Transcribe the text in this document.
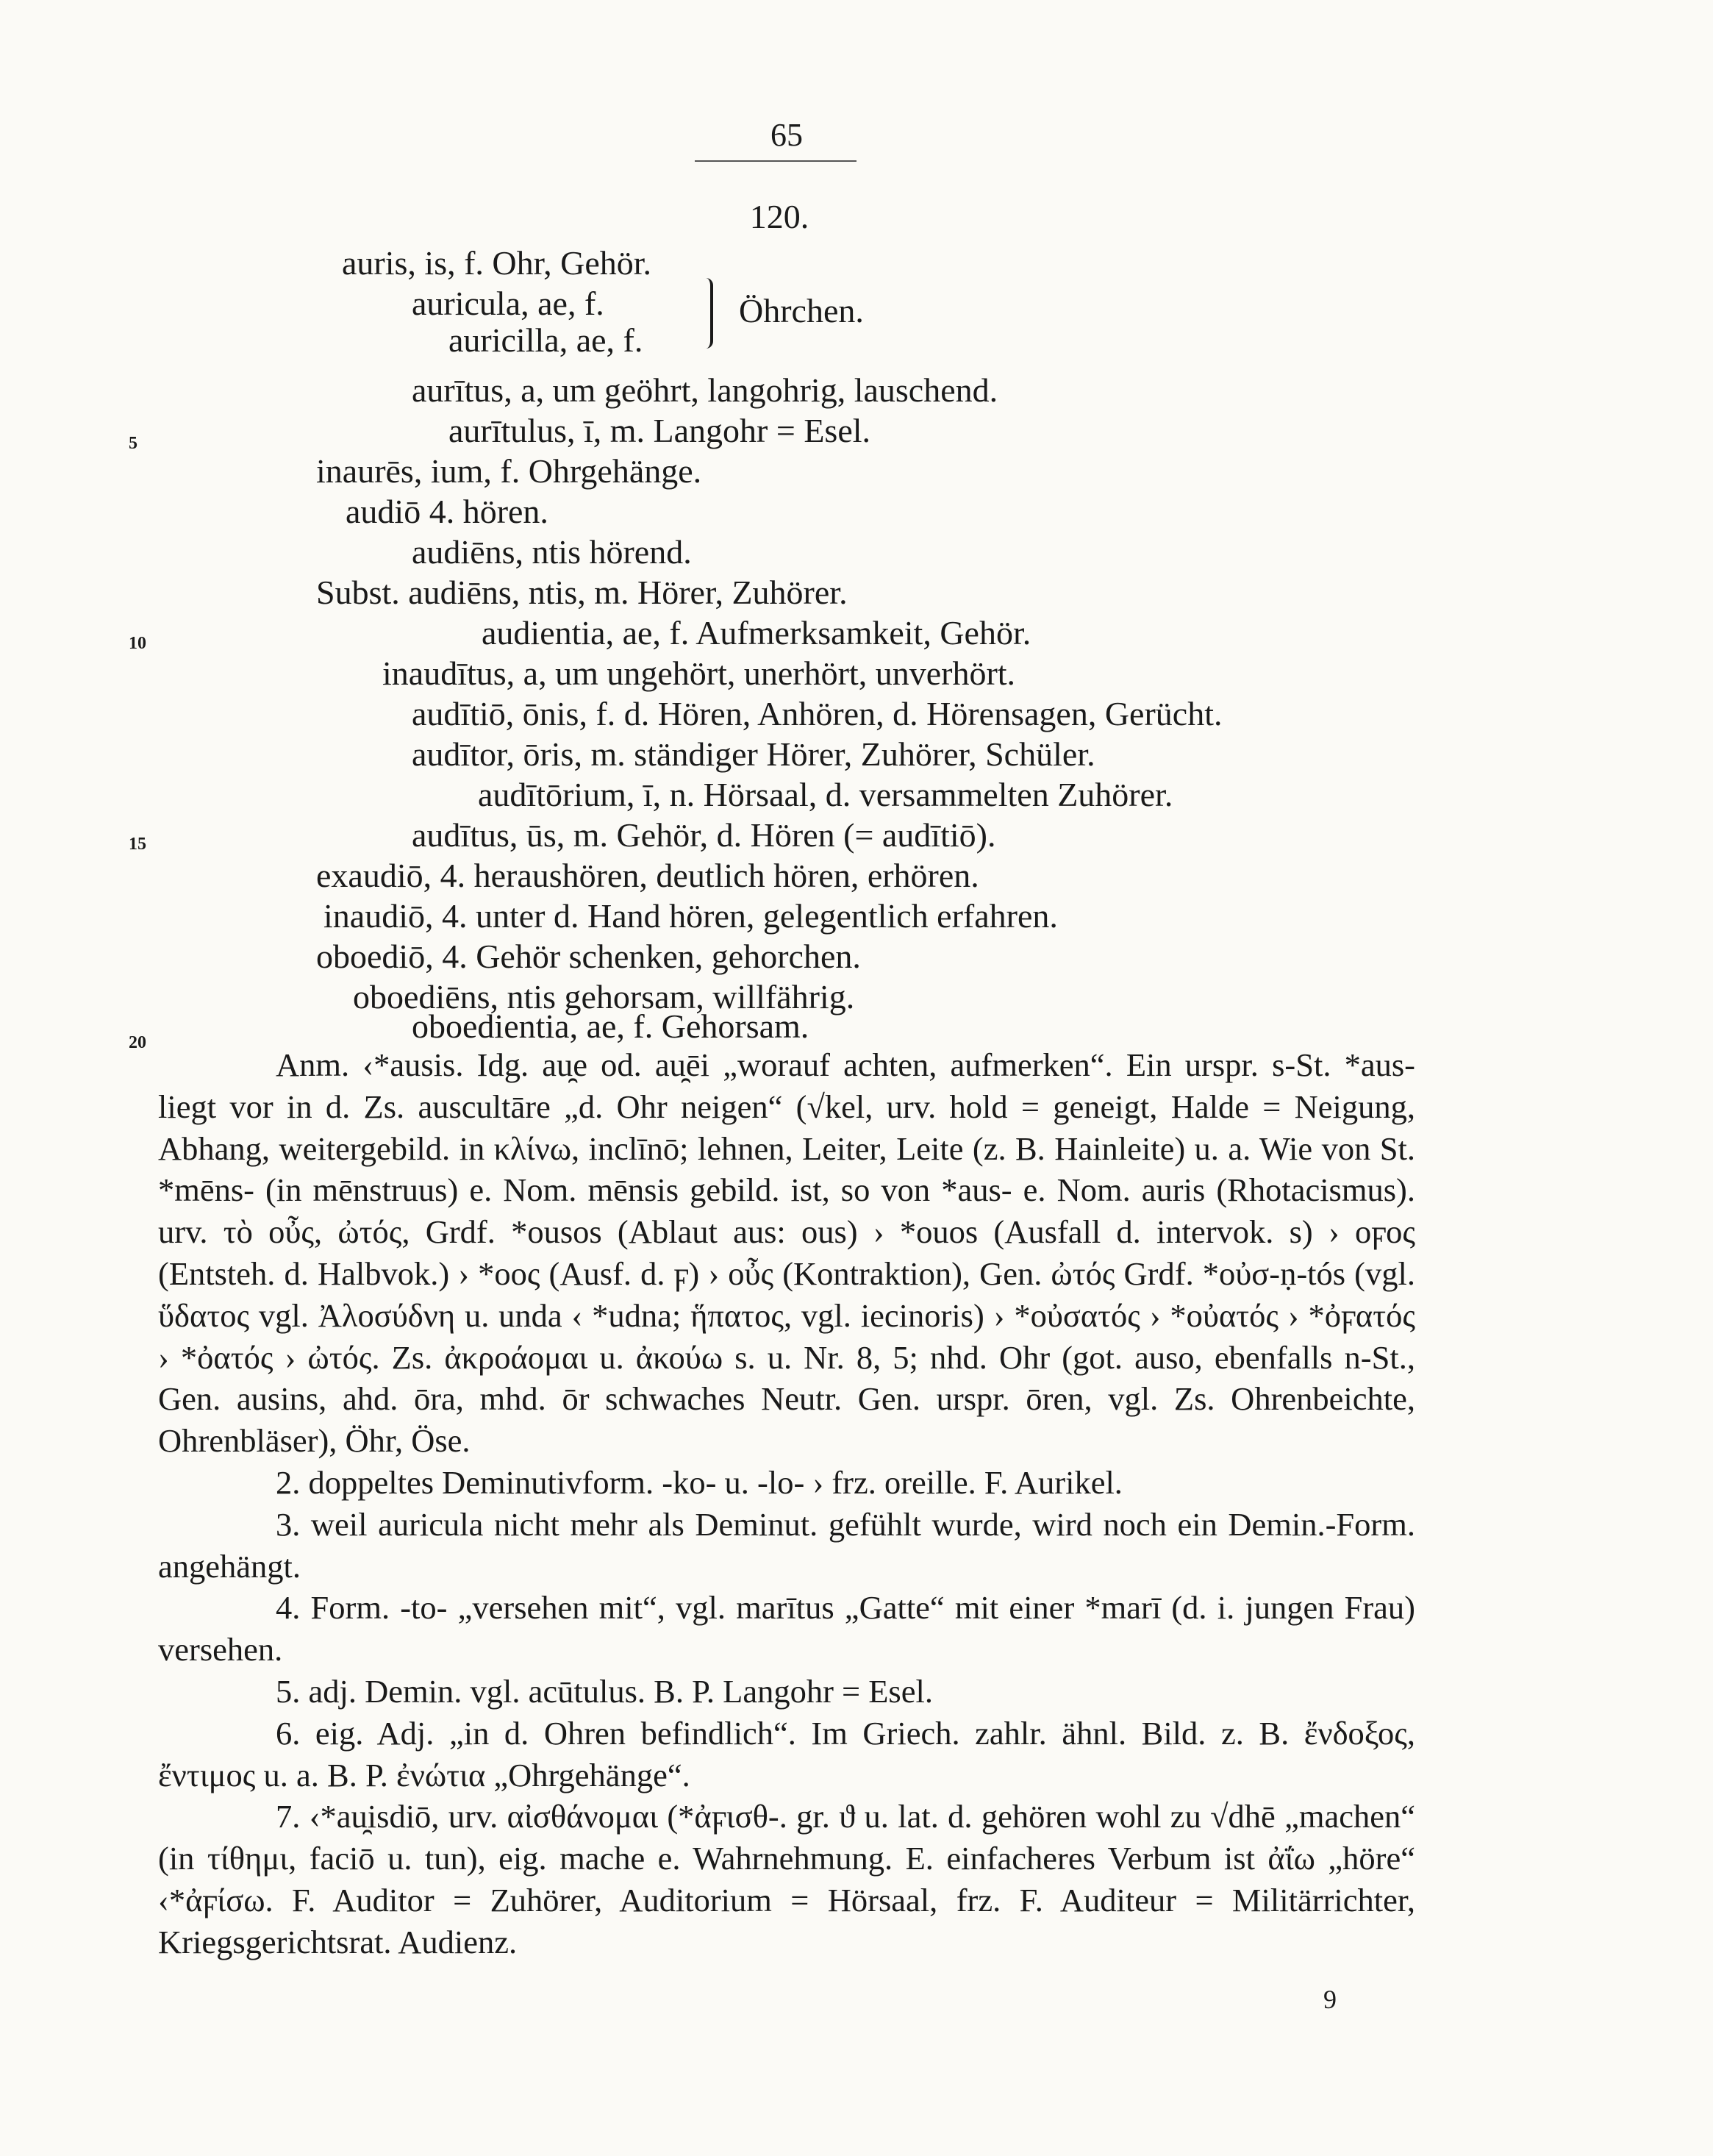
65
120.
auris, is, f. Ohr, Gehör.
auricula, ae, f.
auricilla, ae, f.
Öhrchen.
aurītus, a, um geöhrt, langohrig, lauschend.
aurītulus, ī, m. Langohr = Esel.
inaurēs, ium, f. Ohrgehänge.
audiō 4. hören.
audiēns, ntis hörend.
Subst. audiēns, ntis, m. Hörer, Zuhörer.
audientia, ae, f. Aufmerksamkeit, Gehör.
inaudītus, a, um ungehört, unerhört, unverhört.
audītiō, ōnis, f. d. Hören, Anhören, d. Hörensagen, Gerücht.
audītor, ōris, m. ständiger Hörer, Zuhörer, Schüler.
audītōrium, ī, n. Hörsaal, d. versammelten Zuhörer.
audītus, ūs, m. Gehör, d. Hören (= audītiō).
exaudiō, 4. heraushören, deutlich hören, erhören.
inaudiō, 4. unter d. Hand hören, gelegentlich erfahren.
oboediō, 4. Gehör schenken, gehorchen.
oboediēns, ntis gehorsam, willfährig.
oboedientia, ae, f. Gehorsam.
5
10
15
20

Anm. ‹*ausis. Idg. au̯e od. au̯ēi „worauf achten, aufmerken“. Ein urspr. s-St. *aus- liegt vor in d. Zs. auscultāre „d. Ohr neigen“ (√kel, urv. hold = geneigt, Halde = Neigung, Abhang, weitergebild. in κλίνω, inclīnō; lehnen, Leiter, Leite (z. B. Hainleite) u. a. Wie von St. *mēns- (in mēnstruus) e. Nom. mēnsis gebild. ist, so von *aus- e. Nom. auris (Rhotacismus). urv. τὸ οὖς, ὠτός, Grdf. *ousos (Ablaut aus: ous) › *ouos (Ausfall d. intervok. s) › oϝος (Entsteh. d. Halbvok.) › *οος (Ausf. d. ϝ) › οὖς (Kontraktion), Gen. ὠτός Grdf. *οὐσ-ṇ-tós (vgl. ὕδατος vgl. Ἀλοσύδνη u. unda ‹ *udna; ἥπατος, vgl. iecinoris) › *οὐσατός › *οὐατός › *ὀϝατός › *ὀατός › ὠτός. Zs. ἀκροάομαι u. ἀκούω s. u. Nr. 8, 5; nhd. Ohr (got. auso, ebenfalls n-St., Gen. ausins, ahd. ōra, mhd. ōr schwaches Neutr. Gen. urspr. ōren, vgl. Zs. Ohrenbeichte, Ohrenbläser), Öhr, Öse.

2. doppeltes Deminutivform. -ko- u. -lo- › frz. oreille. F. Aurikel.

3. weil auricula nicht mehr als Deminut. gefühlt wurde, wird noch ein Demin.-Form. angehängt.

4. Form. -to- „versehen mit“, vgl. marītus „Gatte“ mit einer *marī (d. i. jungen Frau) versehen.

5. adj. Demin. vgl. acūtulus. B. P. Langohr = Esel.

6. eig. Adj. „in d. Ohren befindlich“. Im Griech. zahlr. ähnl. Bild. z. B. ἔνδοξος, ἔντιμος u. a. B. P. ἐνώτια „Ohrgehänge“.

7. ‹*au̯isdiō, urv. αἰσθάνομαι (*ἀϝισθ-. gr. ϑ u. lat. d. gehören wohl zu √dhē „machen“ (in τίθημι, faciō u. tun), eig. mache e. Wahrnehmung. E. einfacheres Verbum ist ἀΐω „höre“ ‹*ἀϝίσω. F. Auditor = Zuhörer, Auditorium = Hörsaal, frz. F. Auditeur = Militärrichter, Kriegsgerichtsrat. Audienz.

9
